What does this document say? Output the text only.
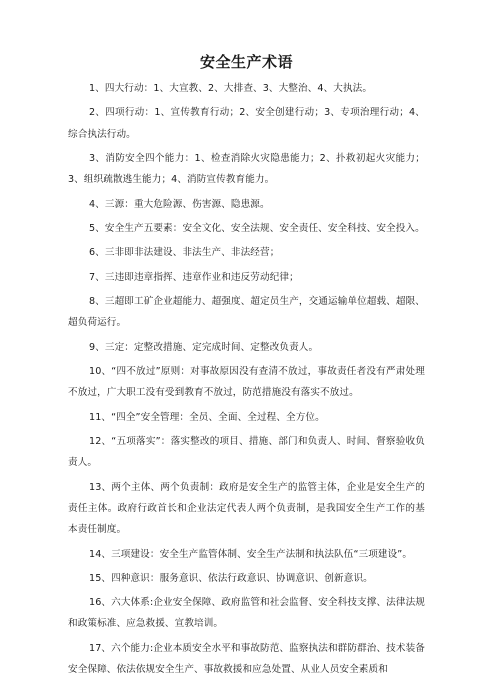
安全生产术语

1、四大行动：1、大宣教、2、大排查、3、大整治、4、大执法。

2、四项行动：1、宣传教育行动；2、安全创建行动；3、专项治理行动；4、综合执法行动。

3、消防安全四个能力：1、检查消除火灾隐患能力；2、扑救初起火灾能力；3、组织疏散逃生能力；4、消防宣传教育能力。

4、三源：重大危险源、伤害源、隐患源。

5、安全生产五要素：安全文化、安全法规、安全责任、安全科技、安全投入。

6、三非即非法建设、非法生产、非法经营；

7、三违即违章指挥、违章作业和违反劳动纪律；

8、三超即工矿企业超能力、超强度、超定员生产，交通运输单位超载、超限、超负荷运行。

9、三定：定整改措施、定完成时间、定整改负责人。

10、“四不放过”原则：对事故原因没有查清不放过，事故责任者没有严肃处理不放过，广大职工没有受到教育不放过，防范措施没有落实不放过。

11、“四全”安全管理：全员、全面、全过程、全方位。

12、“五项落实”：落实整改的项目、措施、部门和负责人、时间、督察验收负责人。

13、两个主体、两个负责制：政府是安全生产的监管主体，企业是安全生产的责任主体。政府行政首长和企业法定代表人两个负责制，是我国安全生产工作的基本责任制度。

14、三项建设：安全生产监管体制、安全生产法制和执法队伍“三项建设”。

15、四种意识：服务意识、依法行政意识、协调意识、创新意识。

16、六大体系:企业安全保障、政府监管和社会监督、安全科技支撑、法律法规和政策标准、应急救援、宣教培训。

17、六个能力:企业本质安全水平和事故防范、监察执法和群防群治、技术装备安全保障、依法依规安全生产、事故救援和应急处置、从业人员安全素质和
